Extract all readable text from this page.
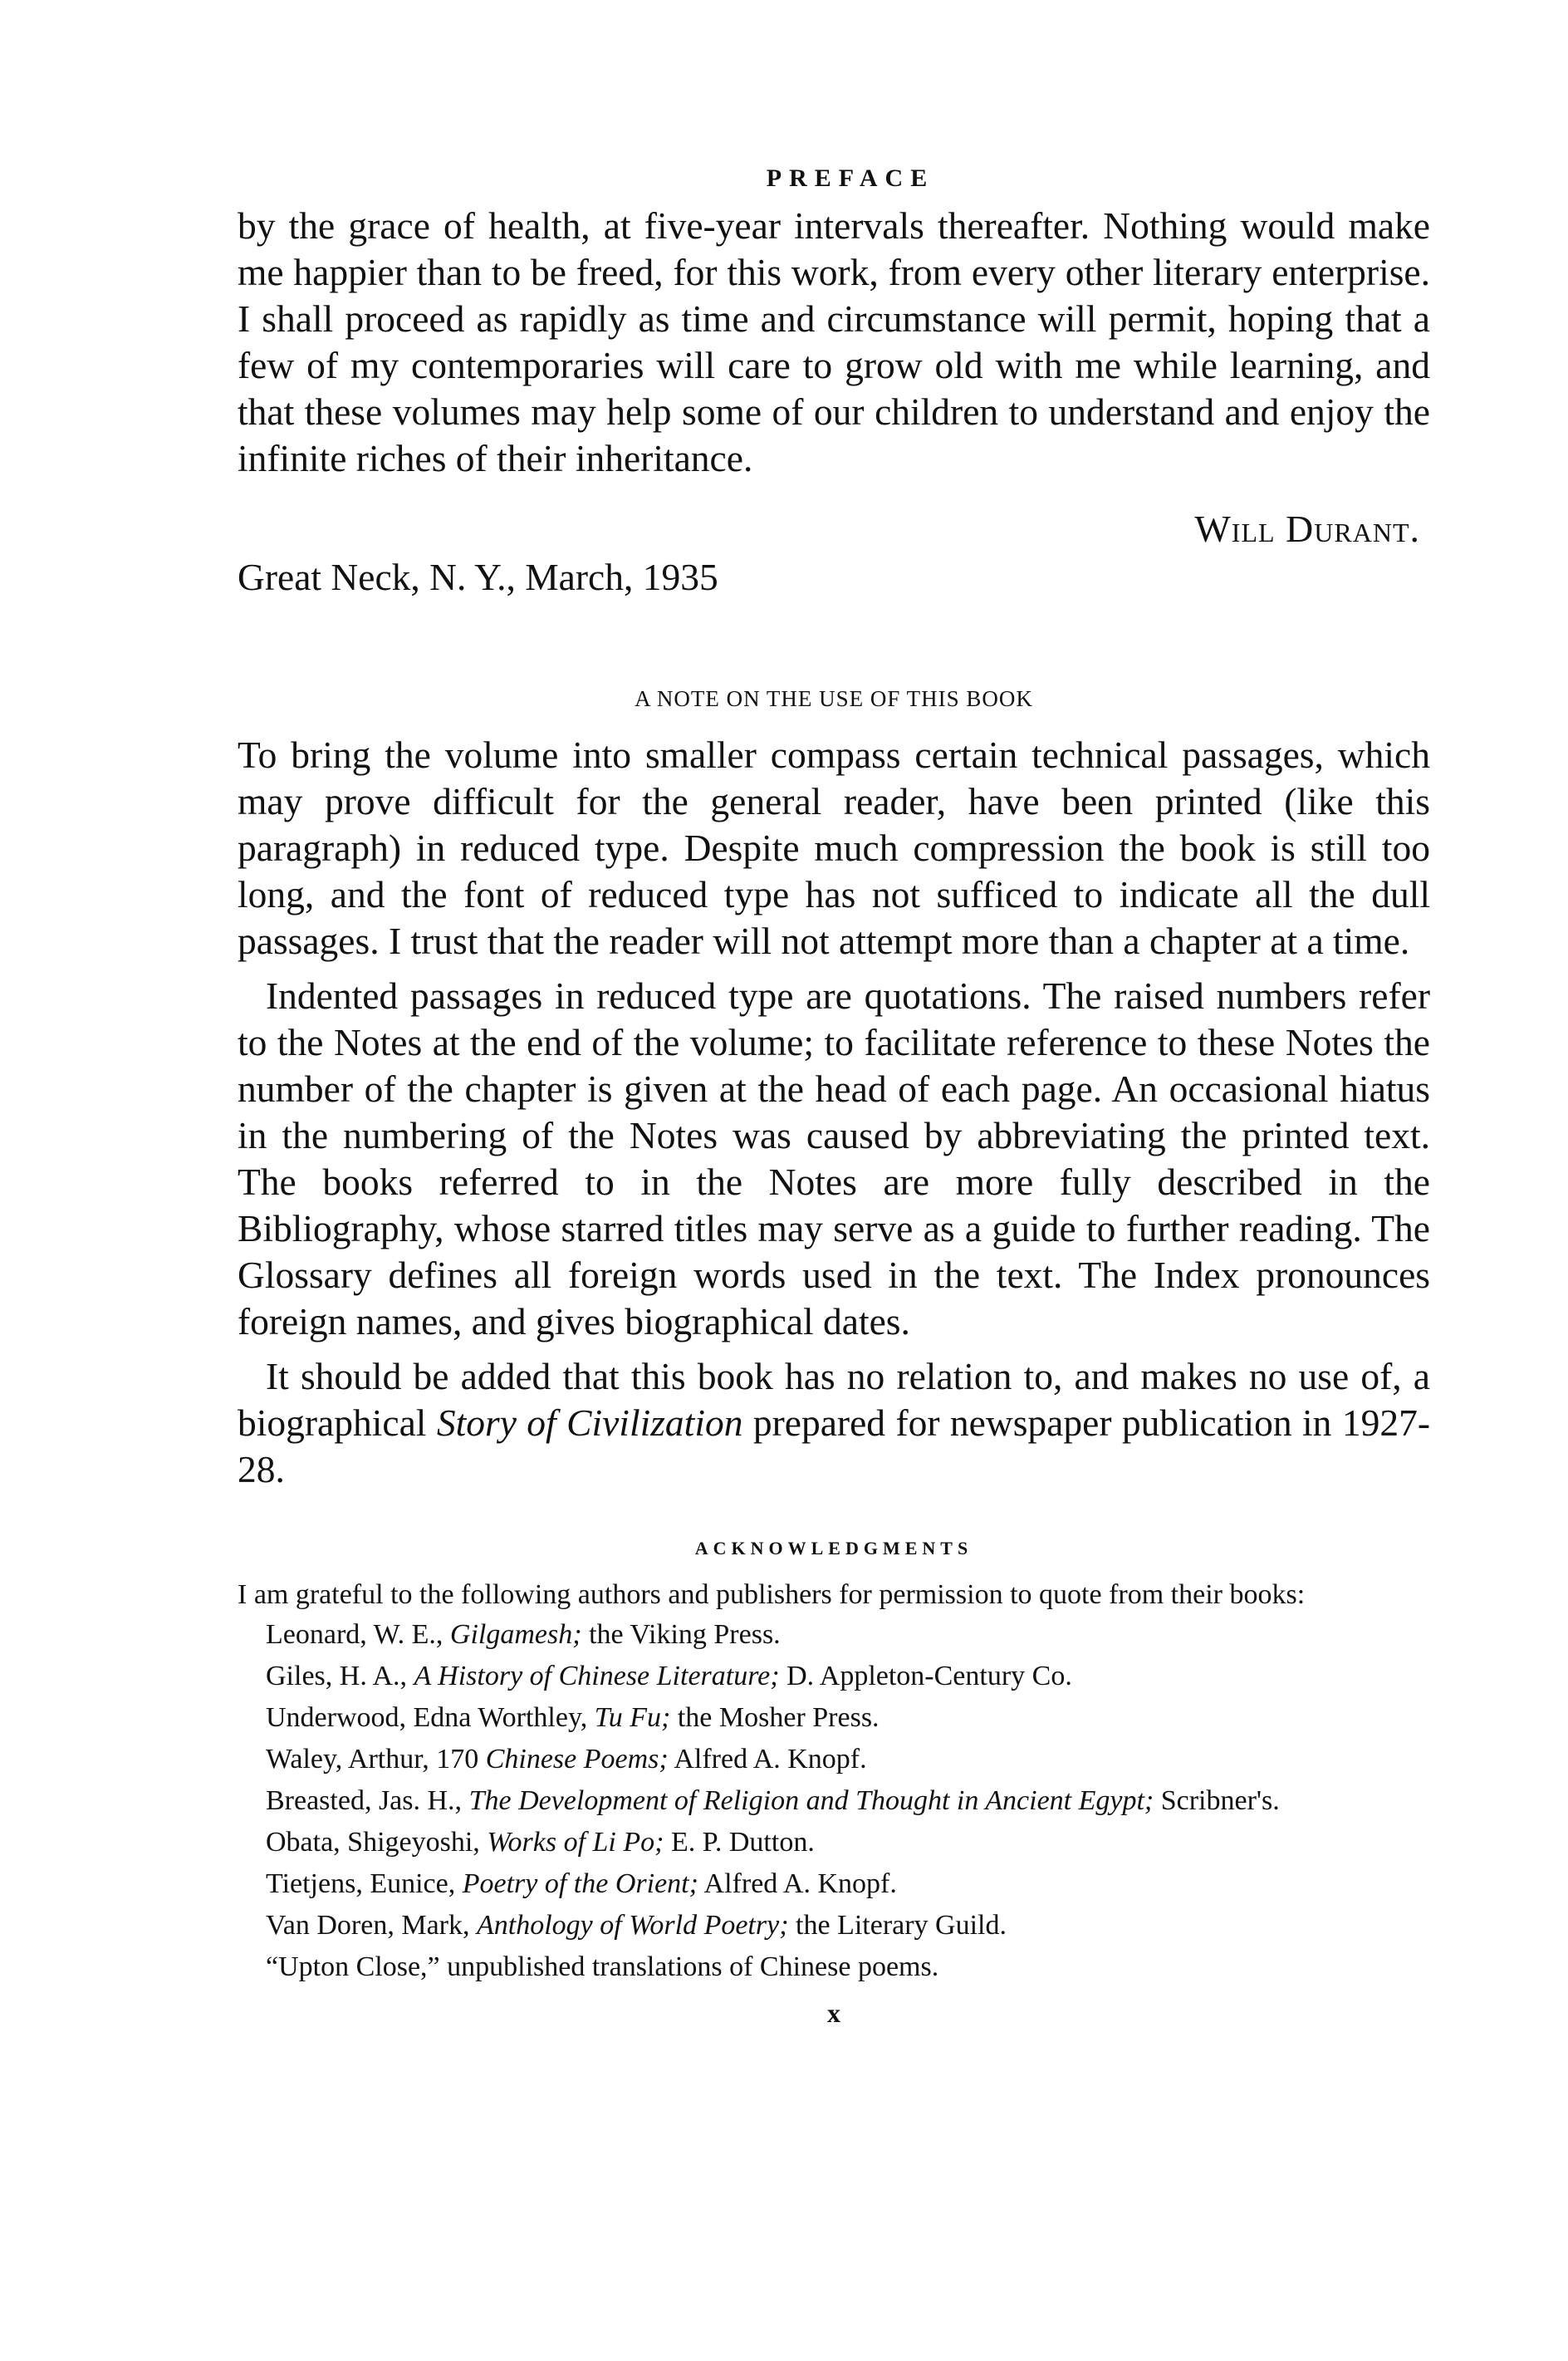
PREFACE

by the grace of health, at five-year intervals thereafter. Nothing would make me happier than to be freed, for this work, from every other literary enterprise. I shall proceed as rapidly as time and circumstance will permit, hoping that a few of my contemporaries will care to grow old with me while learning, and that these volumes may help some of our children to understand and enjoy the infinite riches of their inheritance.

Will Durant.
Great Neck, N. Y., March, 1935
A NOTE ON THE USE OF THIS BOOK

To bring the volume into smaller compass certain technical passages, which may prove difficult for the general reader, have been printed (like this paragraph) in reduced type. Despite much compression the book is still too long, and the font of reduced type has not sufficed to indicate all the dull passages. I trust that the reader will not attempt more than a chapter at a time.

Indented passages in reduced type are quotations. The raised numbers refer to the Notes at the end of the volume; to facilitate reference to these Notes the number of the chapter is given at the head of each page. An occasional hiatus in the numbering of the Notes was caused by abbreviating the printed text. The books referred to in the Notes are more fully described in the Bibliography, whose starred titles may serve as a guide to further reading. The Glossary defines all foreign words used in the text. The Index pronounces foreign names, and gives biographical dates.

It should be added that this book has no relation to, and makes no use of, a biographical Story of Civilization prepared for newspaper publication in 1927-28.

ACKNOWLEDGMENTS

I am grateful to the following authors and publishers for permission to quote from their books:

Leonard, W. E., Gilgamesh; the Viking Press.
Giles, H. A., A History of Chinese Literature; D. Appleton-Century Co.
Underwood, Edna Worthley, Tu Fu; the Mosher Press.
Waley, Arthur, 170 Chinese Poems; Alfred A. Knopf.
Breasted, Jas. H., The Development of Religion and Thought in Ancient Egypt; Scribner's.
Obata, Shigeyoshi, Works of Li Po; E. P. Dutton.
Tietjens, Eunice, Poetry of the Orient; Alfred A. Knopf.
Van Doren, Mark, Anthology of World Poetry; the Literary Guild.
“Upton Close,” unpublished translations of Chinese poems.
x
